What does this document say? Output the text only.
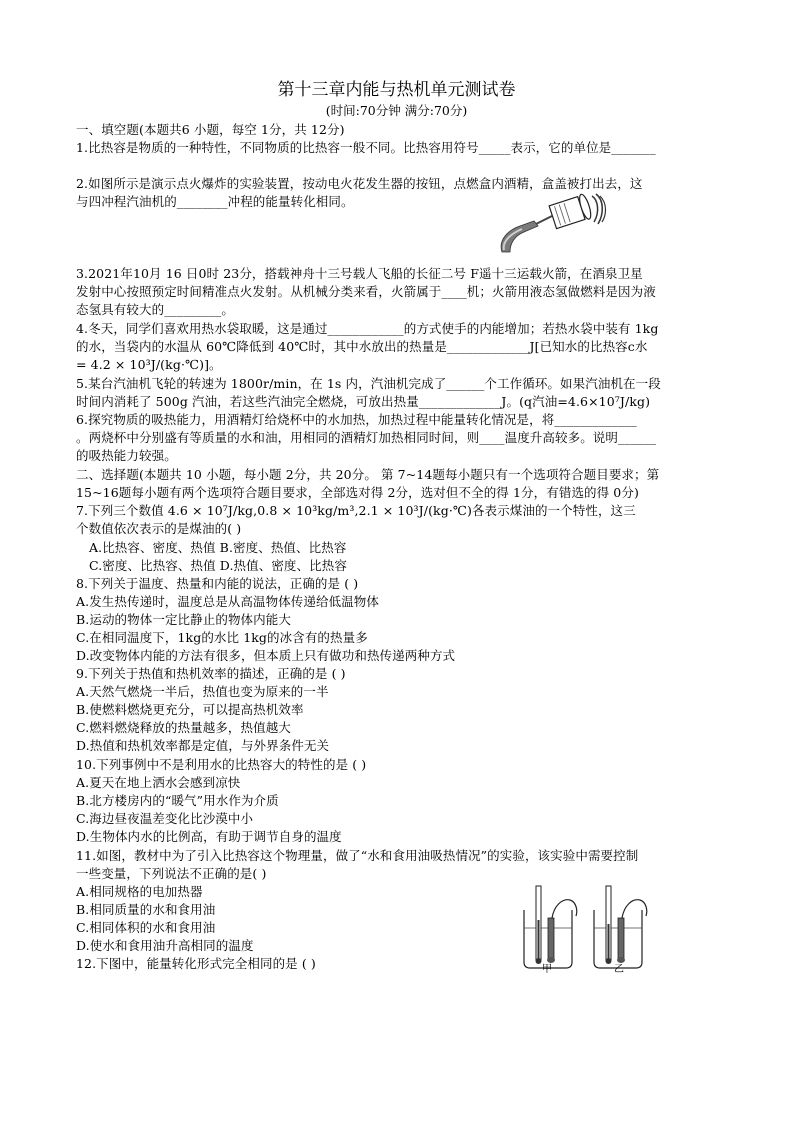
第十三章内能与热机单元测试卷
(时间:70分钟 满分:70分)
一、填空题(本题共6 小题，每空 1分，共 12分)
1.比热容是物质的一种特性，不同物质的比热容一般不同。比热容用符号_____表示，它的单位是_______
2.如图所示是演示点火爆炸的实验装置，按动电火花发生器的按钮，点燃盒内酒精，盒盖被打出去，这
与四冲程汽油机的________冲程的能量转化相同。
3.2021年10月 16 日0时 23分，搭载神舟十三号载人飞船的长征二号 F遥十三运载火箭，在酒泉卫星
发射中心按照预定时间精准点火发射。从机械分类来看，火箭属于____机；火箭用液态氢做燃料是因为液
态氢具有较大的_________。
4.冬天，同学们喜欢用热水袋取暖，这是通过____________的方式使手的内能增加；若热水袋中装有 1kg
的水，当袋内的水温从 60℃降低到 40℃时，其中水放出的热量是_____________J[已知水的比热容c水
= 4.2 × 10³J/(kg·℃)]。
5.某台汽油机飞轮的转速为 1800r/min，在 1s 内，汽油机完成了______个工作循环。如果汽油机在一段
时间内消耗了 500g 汽油，若这些汽油完全燃烧，可放出热量_____________J。(q汽油=4.6×10⁷J/kg)
6.探究物质的吸热能力，用酒精灯给烧杯中的水加热，加热过程中能量转化情况是，将_____________
。两烧杯中分别盛有等质量的水和油，用相同的酒精灯加热相同时间，则____温度升高较多。说明______
的吸热能力较强。
二、选择题(本题共 10 小题，每小题 2分，共 20分。 第 7~14题每小题只有一个选项符合题目要求；第
15~16题每小题有两个选项符合题目要求，全部选对得 2分，选对但不全的得 1分，有错选的得 0分)
7.下列三个数值 4.6 × 10⁷J/kg,0.8 × 10³kg/m³,2.1 × 10³J/(kg·℃)各表示煤油的一个特性，这三
个数值依次表示的是煤油的( )
A.比热容、密度、热值 B.密度、热值、比热容
C.密度、比热容、热值 D.热值、密度、比热容
8.下列关于温度、热量和内能的说法，正确的是 ( )
A.发生热传递时，温度总是从高温物体传递给低温物体
B.运动的物体一定比静止的物体内能大
C.在相同温度下，1kg的水比 1kg的冰含有的热量多
D.改变物体内能的方法有很多，但本质上只有做功和热传递两种方式
9.下列关于热值和热机效率的描述，正确的是 ( )
A.天然气燃烧一半后，热值也变为原来的一半
B.使燃料燃烧更充分，可以提高热机效率
C.燃料燃烧释放的热量越多，热值越大
D.热值和热机效率都是定值，与外界条件无关
10.下列事例中不是利用水的比热容大的特性的是 ( )
A.夏天在地上洒水会感到凉快
B.北方楼房内的“暖气”用水作为介质
C.海边昼夜温差变化比沙漠中小
D.生物体内水的比例高，有助于调节自身的温度
11.如图，教材中为了引入比热容这个物理量，做了“水和食用油吸热情况”的实验，该实验中需要控制
一些变量，下列说法不正确的是( )
A.相同规格的电加热器
B.相同质量的水和食用油
C.相同体积的水和食用油
D.使水和食用油升高相同的温度
12.下图中，能量转化形式完全相同的是 ( )	甲	乙
